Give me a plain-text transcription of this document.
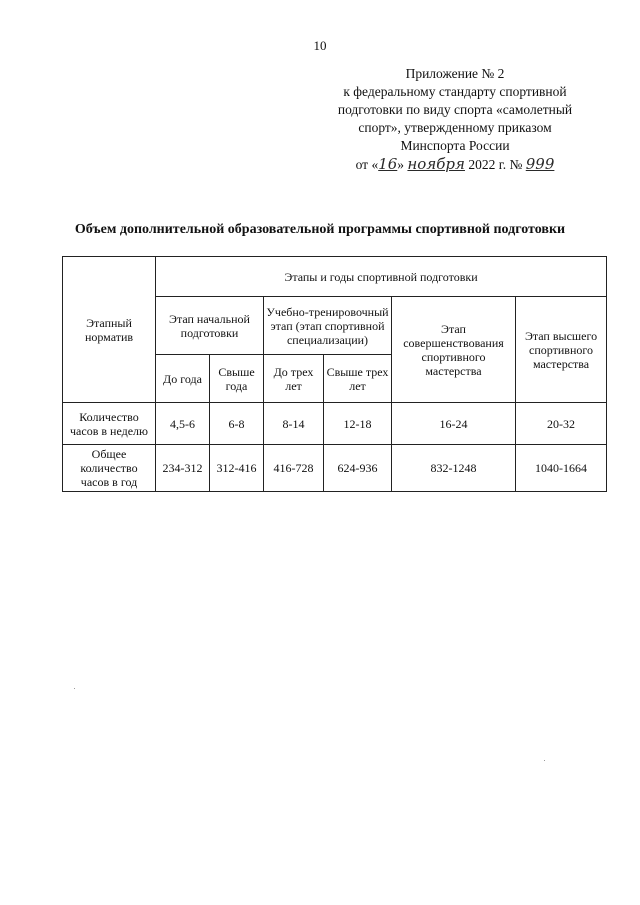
10
Приложение № 2
к федеральному стандарту спортивной
подготовки по виду спорта «самолетный
спорт», утвержденному приказом
Минспорта России
от «16» ноября 2022 г. № 999
Объем дополнительной образовательной программы спортивной подготовки
Этапный норматив	Этапы и годы спортивной подготовки					
	Этап начальной подготовки		Учебно-тренировочный этап (этап спортивной специализации)		Этап совершенствования спортивного мастерства	Этап высшего спортивного мастерства
	До года	Свыше года	До трех лет	Свыше трех лет		
Количество часов в неделю	4,5-6	6-8	8-14	12-18	16-24	20-32
Общее количество часов в год	234-312	312-416	416-728	624-936	832-1248	1040-1664
